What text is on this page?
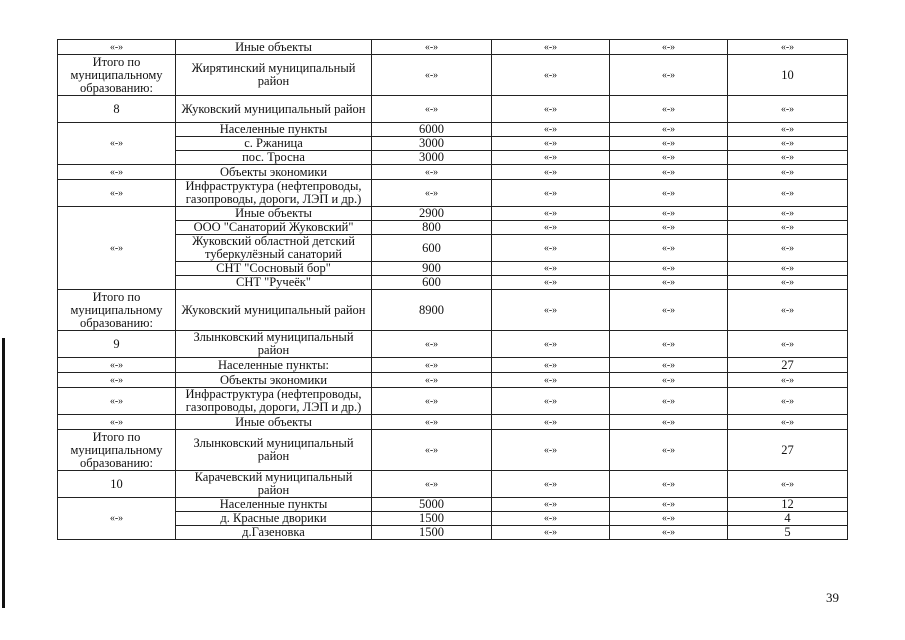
«-»	Иные объекты	«-»	«-»	«-»	«-»
Итого по муниципальному образованию:	Жирятинский муниципальный район	«-»	«-»	«-»	10
8	Жуковский муниципальный район	«-»	«-»	«-»	«-»
«-»	Населенные пункты	6000	«-»	«-»	«-»
	с. Ржаница	3000	«-»	«-»	«-»
	пос. Тросна	3000	«-»	«-»	«-»
«-»	Объекты экономики	«-»	«-»	«-»	«-»
«-»	Инфраструктура (нефтепроводы, газопроводы, дороги, ЛЭП и др.)	«-»	«-»	«-»	«-»
«-»	Иные объекты	2900	«-»	«-»	«-»
	ООО "Санаторий Жуковский"	800	«-»	«-»	«-»
	Жуковский областной детский туберкулёзный санаторий	600	«-»	«-»	«-»
	СНТ "Сосновый бор"	900	«-»	«-»	«-»
	СНТ "Ручеёк"	600	«-»	«-»	«-»
Итого по муниципальному образованию:	Жуковский муниципальный район	8900	«-»	«-»	«-»
9	Злынковский муниципальный район	«-»	«-»	«-»	«-»
«-»	Населенные пункты:	«-»	«-»	«-»	27
«-»	Объекты экономики	«-»	«-»	«-»	«-»
«-»	Инфраструктура (нефтепроводы, газопроводы, дороги, ЛЭП и др.)	«-»	«-»	«-»	«-»
«-»	Иные объекты	«-»	«-»	«-»	«-»
Итого по муниципальному образованию:	Злынковский муниципальный район	«-»	«-»	«-»	27
10	Карачевский муниципальный район	«-»	«-»	«-»	«-»
«-»	Населенные пункты	5000	«-»	«-»	12
	д. Красные дворики	1500	«-»	«-»	4
	д.Газеновка	1500	«-»	«-»	5
39
